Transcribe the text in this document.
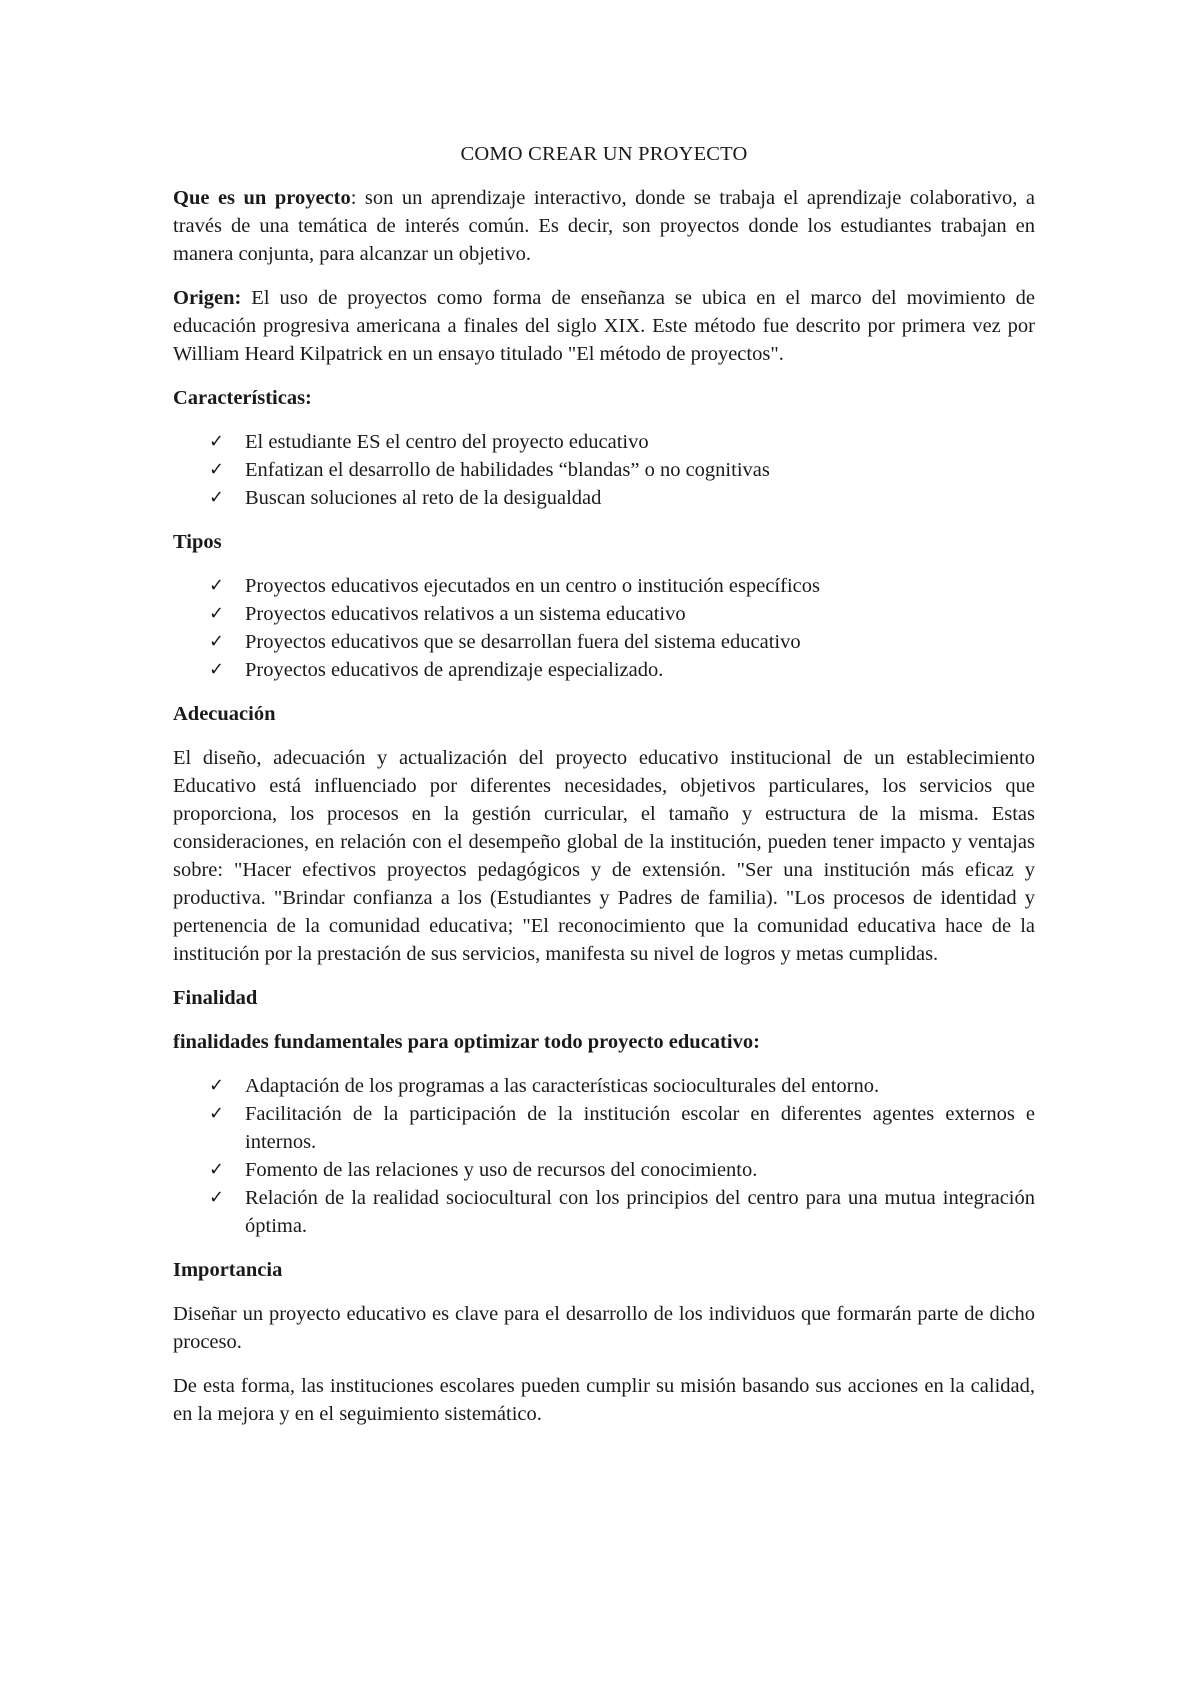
COMO CREAR UN PROYECTO

Que es un proyecto: son un aprendizaje interactivo, donde se trabaja el aprendizaje colaborativo, a través de una temática de interés común. Es decir, son proyectos donde los estudiantes trabajan en manera conjunta, para alcanzar un objetivo.

Origen: El uso de proyectos como forma de enseñanza se ubica en el marco del movimiento de educación progresiva americana a finales del siglo XIX. Este método fue descrito por primera vez por William Heard Kilpatrick en un ensayo titulado "El método de proyectos".

Características:
✓	El estudiante ES el centro del proyecto educativo
✓	Enfatizan el desarrollo de habilidades “blandas” o no cognitivas
✓	Buscan soluciones al reto de la desigualdad
Tipos
✓	Proyectos educativos ejecutados en un centro o institución específicos
✓	Proyectos educativos relativos a un sistema educativo
✓	Proyectos educativos que se desarrollan fuera del sistema educativo
✓	Proyectos educativos de aprendizaje especializado.
Adecuación

El diseño, adecuación y actualización del proyecto educativo institucional de un establecimiento Educativo está influenciado por diferentes necesidades, objetivos particulares, los servicios que proporciona, los procesos en la gestión curricular, el tamaño y estructura de la misma. Estas consideraciones, en relación con el desempeño global de la institución, pueden tener impacto y ventajas sobre: "Hacer efectivos proyectos pedagógicos y de extensión. "Ser una institución más eficaz y productiva. "Brindar confianza a los (Estudiantes y Padres de familia). "Los procesos de identidad y pertenencia de la comunidad educativa; "El reconocimiento que la comunidad educativa hace de la institución por la prestación de sus servicios, manifesta su nivel de logros y metas cumplidas.

Finalidad
finalidades fundamentales para optimizar todo proyecto educativo:
✓	Adaptación de los programas a las características socioculturales del entorno.
✓	Facilitación de la participación de la institución escolar en diferentes agentes externos e internos.
✓	Fomento de las relaciones y uso de recursos del conocimiento.
✓	Relación de la realidad sociocultural con los principios del centro para una mutua integración óptima.
Importancia

Diseñar un proyecto educativo es clave para el desarrollo de los individuos que formarán parte de dicho proceso.

De esta forma, las instituciones escolares pueden cumplir su misión basando sus acciones en la calidad, en la mejora y en el seguimiento sistemático.
